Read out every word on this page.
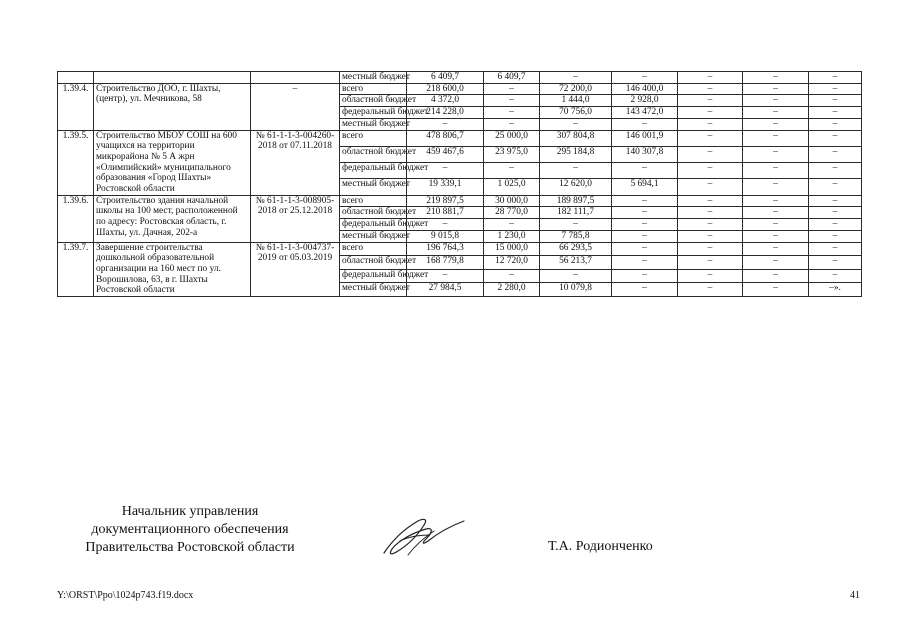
			местный бюджет	6 409,7	6 409,7	–	–	–	–	–
1.39.4.	Строительство ДОО, г. Шахты, (центр), ул. Мечникова, 58	–	всего	218 600,0	–	72 200,0	146 400,0	–	–	–
			областной бюджет	4 372,0	–	1 444,0	2 928,0	–	–	–
			федеральный бюджет	214 228,0	–	70 756,0	143 472,0	–	–	–
			местный бюджет	–	–	–	–	–	–	–
1.39.5.	Строительство МБОУ СОШ на 600 учащихся на территории микрорайона № 5 А жрн «Олимпийский» муниципального образования «Город Шахты» Ростовской области	№ 61-1-1-3-004260-2018 от 07.11.2018	всего	478 806,7	25 000,0	307 804,8	146 001,9	–	–	–
			областной бюджет	459 467,6	23 975,0	295 184,8	140 307,8	–	–	–
			федеральный бюджет	–	–	–	–	–	–	–
			местный бюджет	19 339,1	1 025,0	12 620,0	5 694,1	–	–	–
1.39.6.	Строительство здания начальной школы на 100 мест, расположенной по адресу: Ростовская область, г. Шахты, ул. Дачная, 202-а	№ 61-1-1-3-008905-2018 от 25.12.2018	всего	219 897,5	30 000,0	189 897,5	–	–	–	–
			областной бюджет	210 881,7	28 770,0	182 111,7	–	–	–	–
			федеральный бюджет	–	–	–	–	–	–	–
			местный бюджет	9 015,8	1 230,0	7 785,8	–	–	–	–
1.39.7.	Завершение строительства дошкольной образовательной организации на 160 мест по ул. Ворошилова, 63, в г. Шахты Ростовской области	№ 61-1-1-3-004737-2019 от 05.03.2019	всего	196 764,3	15 000,0	66 293,5	–	–	–	–
			областной бюджет	168 779,8	12 720,0	56 213,7	–	–	–	–
			федеральный бюджет	–	–	–	–	–	–	–
			местный бюджет	27 984,5	2 280,0	10 079,8	–	–	–	–».
Начальник управления
документационного обеспечения
Правительства Ростовской области	Т.А. Родионченко
Y:\ORST\Ppo\1024p743.f19.docx	41
